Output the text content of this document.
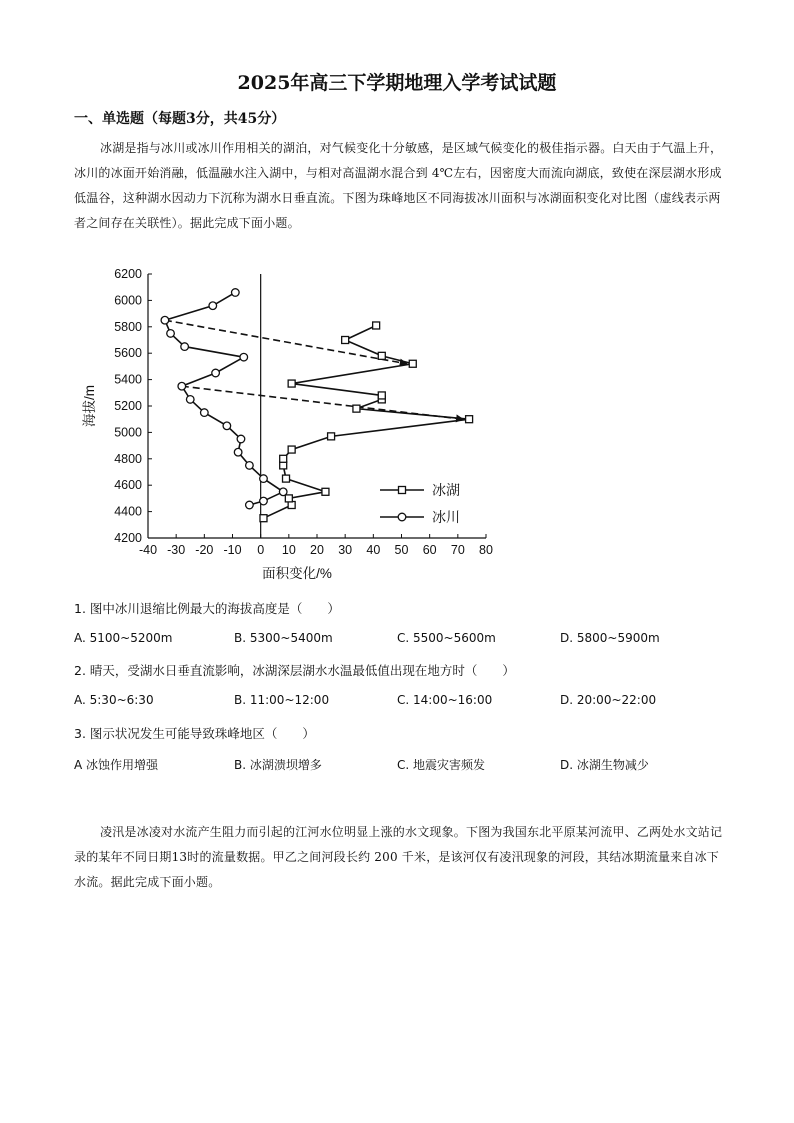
2025年高三下学期地理入学考试试题
一、单选题（每题3分，共45分）
冰湖是指与冰川或冰川作用相关的湖泊，对气候变化十分敏感，是区域气候变化的极佳指示器。白天由于气温上升，冰川的冰面开始消融，低温融水注入湖中，与相对高温湖水混合到 4℃左右，因密度大而流向湖底，致使在深层湖水形成低温谷，这种湖水因动力下沉称为湖水日垂直流。下图为珠峰地区不同海拔冰川面积与冰湖面积变化对比图（虚线表示两者之间存在关联性）。据此完成下面小题。
4200
4400
4600
4800
5000
5200
5400
5600
5800
6000
6200
-40 -30 -20 -10 0 10 20 30 40 50 60 70 80
面积变化/%
海拔/m
冰湖
冰川
1. 图中冰川退缩比例最大的海拔高度是（　　）
A. 5100~5200m	B. 5300~5400m	C. 5500~5600m	D. 5800~5900m
2. 晴天，受湖水日垂直流影响，冰湖深层湖水水温最低值出现在地方时（　　）
A. 5:30~6:30	B. 11:00~12:00	C. 14:00~16:00	D. 20:00~22:00
3. 图示状况发生可能导致珠峰地区（　　）
A 冰蚀作用增强	B. 冰湖溃坝增多	C. 地震灾害频发	D. 冰湖生物减少
凌汛是冰凌对水流产生阻力而引起的江河水位明显上涨的水文现象。下图为我国东北平原某河流甲、乙两处水文站记录的某年不同日期13时的流量数据。甲乙之间河段长约 200 千米，是该河仅有凌汛现象的河段，其结冰期流量来自冰下水流。据此完成下面小题。
